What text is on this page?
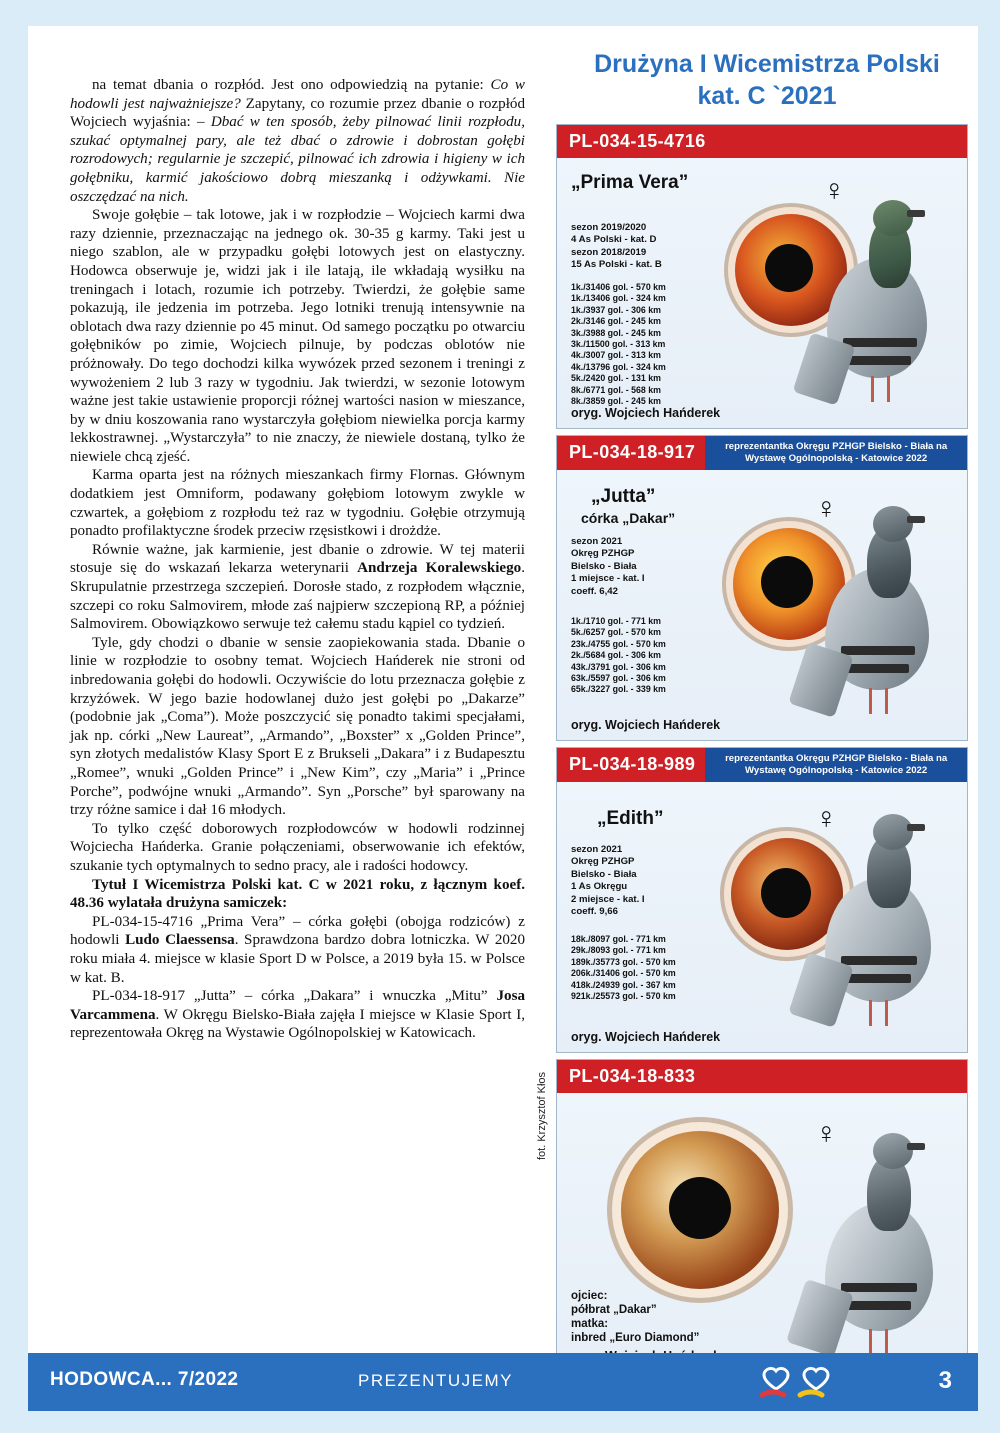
na temat dbania o rozpłód. Jest ono odpowiedzią na pytanie: Co w hodowli jest najważniejsze? Zapytany, co rozumie przez dbanie o rozpłód Wojciech wyjaśnia: – Dbać w ten sposób, żeby pilnować linii rozpłodu, szukać optymalnej pary, ale też dbać o zdrowie i dobrostan gołębi rozrodowych; regularnie je szczepić, pilnować ich zdrowia i higieny w ich gołębniku, karmić jakościowo dobrą mieszanką i odżywkami. Nie oszczędzać na nich.

Swoje gołębie – tak lotowe, jak i w rozpłodzie – Wojciech karmi dwa razy dziennie, przeznaczając na jednego ok. 30-35 g karmy. Taki jest u niego szablon, ale w przypadku gołębi lotowych jest on elastyczny. Hodowca obserwuje je, widzi jak i ile latają, ile wkładają wysiłku na treningach i lotach, rozumie ich potrzeby. Twierdzi, że gołębie same pokazują, ile jedzenia im potrzeba. Jego lotniki trenują intensywnie na oblotach dwa razy dziennie po 45 minut. Od samego początku po otwarciu gołębników po zimie, Wojciech pilnuje, by podczas oblotów nie próżnowały. Do tego dochodzi kilka wywózek przed sezonem i treningi z wywożeniem 2 lub 3 razy w tygodniu. Jak twierdzi, w sezonie lotowym ważne jest takie ustawienie proporcji różnej wartości nasion w mieszance, by w dniu koszowania rano wystarczyła gołębiom niewielka porcja karmy lekkostrawnej. „Wystarczyła” to nie znaczy, że niewiele dostaną, tylko że niewiele chcą zjeść.

Karma oparta jest na różnych mieszankach firmy Flornas. Głównym dodatkiem jest Omniform, podawany gołębiom lotowym zwykle w czwartek, a gołębiom z rozpłodu też raz w tygodniu. Gołębie otrzymują ponadto profilaktyczne środek przeciw rzęsistkowi i drożdże.

Równie ważne, jak karmienie, jest dbanie o zdrowie. W tej materii stosuje się do wskazań lekarza weterynarii Andrzeja Koralewskiego. Skrupulatnie przestrzega szczepień. Dorosłe stado, z rozpłodem włącznie, szczepi co roku Salmovirem, młode zaś najpierw szczepioną RP, a później Salmovirem. Obowiązkowo serwuje też całemu stadu kąpiel co tydzień.

Tyle, gdy chodzi o dbanie w sensie zaopiekowania stada. Dbanie o linie w rozpłodzie to osobny temat. Wojciech Hańderek nie stroni od inbredowania gołębi do hodowli. Oczywiście do lotu przeznacza gołębie z krzyżówek. W jego bazie hodowlanej dużo jest gołębi po „Dakarze” (podobnie jak „Coma”). Może poszczycić się ponadto takimi specjałami, jak np. córki „New Laureat”, „Armando”, „Boxster” x „Golden Prince”, syn złotych medalistów Klasy Sport E z Brukseli „Dakara” i z Budapesztu „Romee”, wnuki „Golden Prince” i „New Kim”, czy „Maria” i „Prince Porche”, podwójne wnuki „Armando”. Syn „Porsche” był sparowany na trzy różne samice i dał 16 młodych.

To tylko część doborowych rozpłodowców w hodowli rodzinnej Wojciecha Hańderka. Granie połączeniami, obserwowanie ich efektów, szukanie tych optymalnych to sedno pracy, ale i radości hodowcy.

Tytuł I Wicemistrza Polski kat. C w 2021 roku, z łącznym koef. 48.36 wylatała drużyna samiczek:

PL-034-15-4716 „Prima Vera” – córka gołębi (obojga rodziców) z hodowli Ludo Claessensa. Sprawdzona bardzo dobra lotniczka. W 2020 roku miała 4. miejsce w klasie Sport D w Polsce, a 2019 była 15. w Polsce w kat. B.

PL-034-18-917 „Jutta” – córka „Dakara” i wnuczka „Mitu” Josa Varcammena. W Okręgu Bielsko-Biała zajęła I miejsce w Klasie Sport I, reprezentowała Okręg na Wystawie Ogólnopolskiej w Katowicach.

Drużyna I Wicemistrza Polski
kat. C `2021
PL-034-15-4716
„Prima Vera”
sezon 2019/2020
4 As Polski - kat. D
sezon 2018/2019
15 As Polski - kat. B
1k./31406 gol. - 570 km
1k./13406 gol. - 324 km
1k./3937 gol. - 306 km
2k./3146 gol. - 245 km
3k./3988 gol. - 245 km
3k./11500 gol. - 313 km
4k./3007 gol. - 313 km
4k./13796 gol. - 324 km
5k./2420 gol. - 131 km
8k./6771 gol. - 568 km
8k./3859 gol. - 245 km
oryg. Wojciech Hańderek
♀
PL-034-18-917	reprezentantka Okręgu PZHGP Bielsko - Biała na Wystawę Ogólnopolską - Katowice 2022
„Jutta”
córka „Dakar”
sezon 2021
Okręg PZHGP
Bielsko - Biała
1 miejsce - kat. I
coeff. 6,42
1k./1710 gol. - 771 km
5k./6257 gol. - 570 km
23k./4755 gol. - 570 km
2k./5684 gol. - 306 km
43k./3791 gol. - 306 km
63k./5597 gol. - 306 km
65k./3227 gol. - 339 km
oryg. Wojciech Hańderek
♀
PL-034-18-989	reprezentantka Okręgu PZHGP Bielsko - Biała na Wystawę Ogólnopolską - Katowice 2022
„Edith”
sezon 2021
Okręg PZHGP
Bielsko - Biała
1 As Okręgu
2 miejsce - kat. I
coeff. 9,66
18k./8097 gol. - 771 km
29k./8093 gol. - 771 km
189k./35773 gol. - 570 km
206k./31406 gol. - 570 km
418k./24939 gol. - 367 km
921k./25573 gol. - 570 km
oryg. Wojciech Hańderek
♀
PL-034-18-833
♀
ojciec:
półbrat „Dakar”
matka:
inbred „Euro Diamond”
fot. Krzysztof Kłos
HODOWCA... 7/2022	PREZENTUJEMY	3
